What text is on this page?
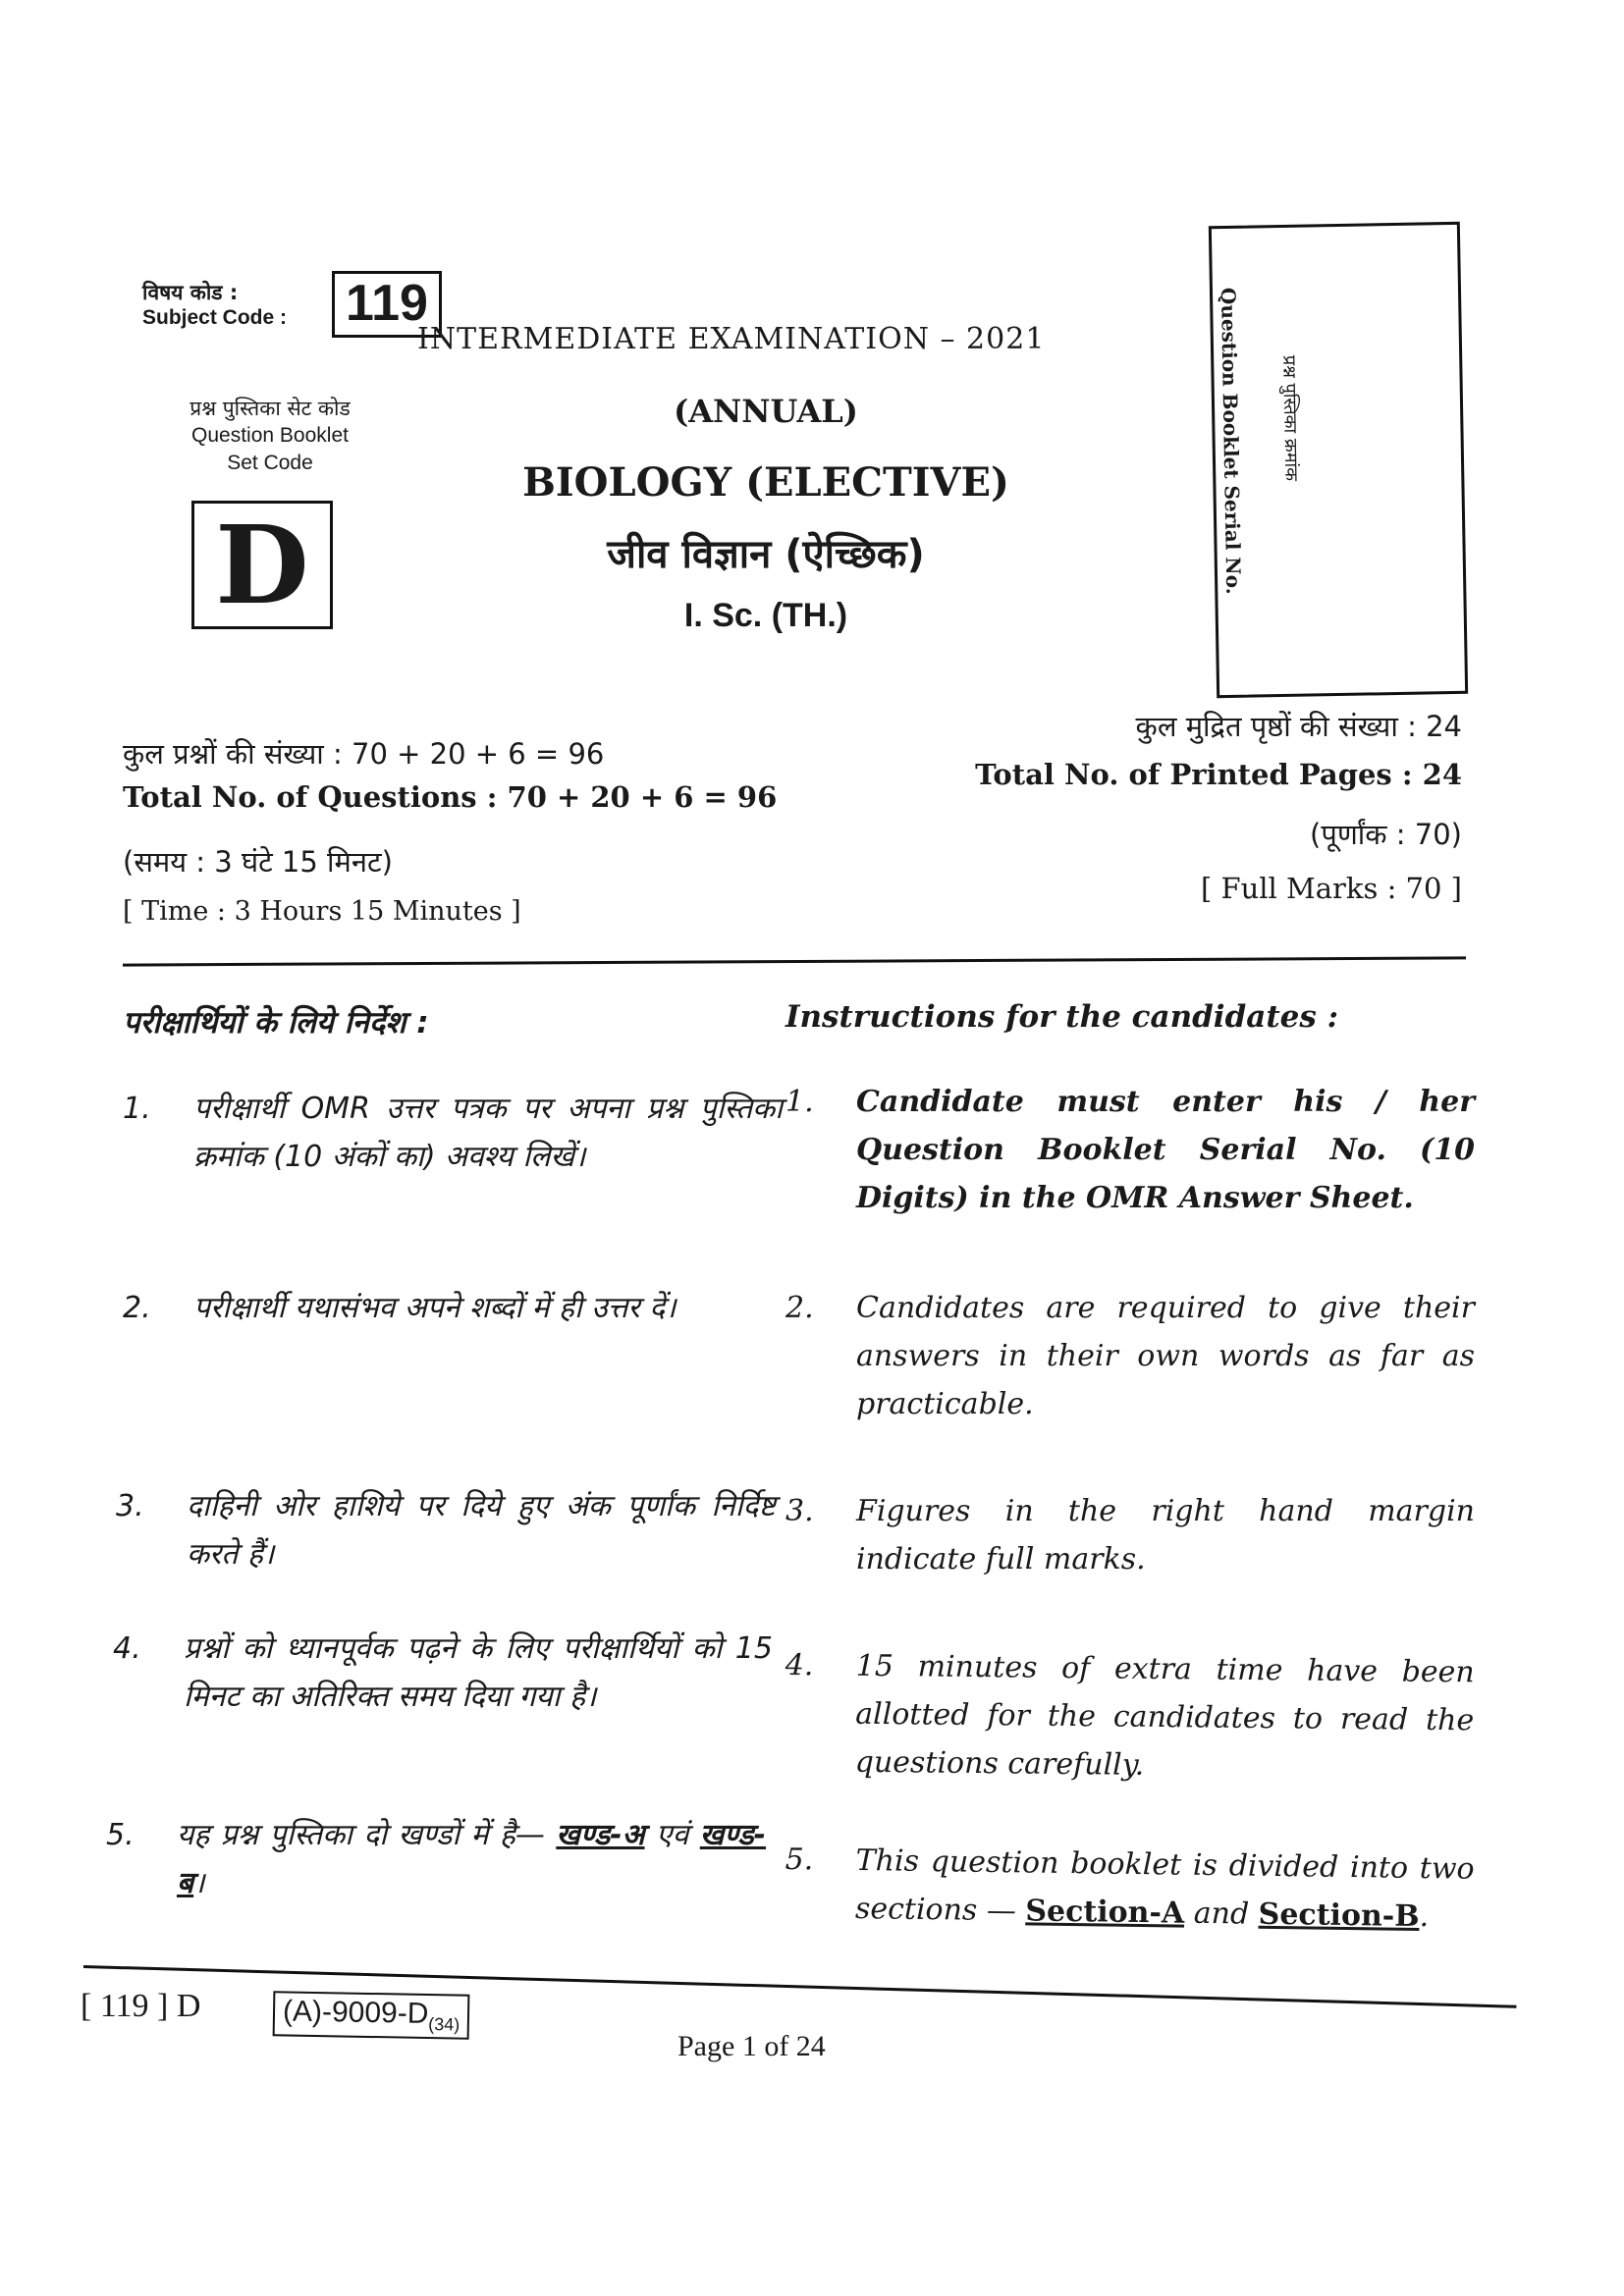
विषय कोड :
Subject Code : 119
प्रश्न पुस्तिका सेट कोड
Question Booklet
Set Code
D
INTERMEDIATE EXAMINATION – 2021
(ANNUAL)
BIOLOGY (ELECTIVE)
जीव विज्ञान (ऐच्छिक)
I. Sc. (TH.)
Question Booklet Serial No. प्रश्न पुस्तिका क्रमांक
कुल प्रश्नों की संख्या : 70 + 20 + 6 = 96
Total No. of Questions : 70 + 20 + 6 = 96
(समय : 3 घंटे 15 मिनट)
[ Time : 3 Hours 15 Minutes ]
कुल मुद्रित पृष्ठों की संख्या : 24
Total No. of Printed Pages : 24
(पूर्णांक : 70)
[ Full Marks : 70 ]
परीक्षार्थियों के लिये निर्देश :	Instructions for the candidates :
1. परीक्षार्थी OMR उत्तर पत्रक पर अपना प्रश्न पुस्तिका क्रमांक (10 अंकों का) अवश्य लिखें।
2. परीक्षार्थी यथासंभव अपने शब्दों में ही उत्तर दें।
3. दाहिनी ओर हाशिये पर दिये हुए अंक पूर्णांक निर्दिष्ट करते हैं।
4. प्रश्नों को ध्यानपूर्वक पढ़ने के लिए परीक्षार्थियों को 15 मिनट का अतिरिक्त समय दिया गया है।
5. यह प्रश्न पुस्तिका दो खण्डों में है— खण्ड-अ एवं खण्ड-ब।
1. Candidate must enter his / her Question Booklet Serial No. (10 Digits) in the OMR Answer Sheet.
2. Candidates are required to give their answers in their own words as far as practicable.
3. Figures in the right hand margin indicate full marks.
4. 15 minutes of extra time have been allotted for the candidates to read the questions carefully.
5. This question booklet is divided into two sections — Section-A and Section-B.
[ 119 ] D	$(A)-9009-D_{(34)}$
Page 1 of 24
